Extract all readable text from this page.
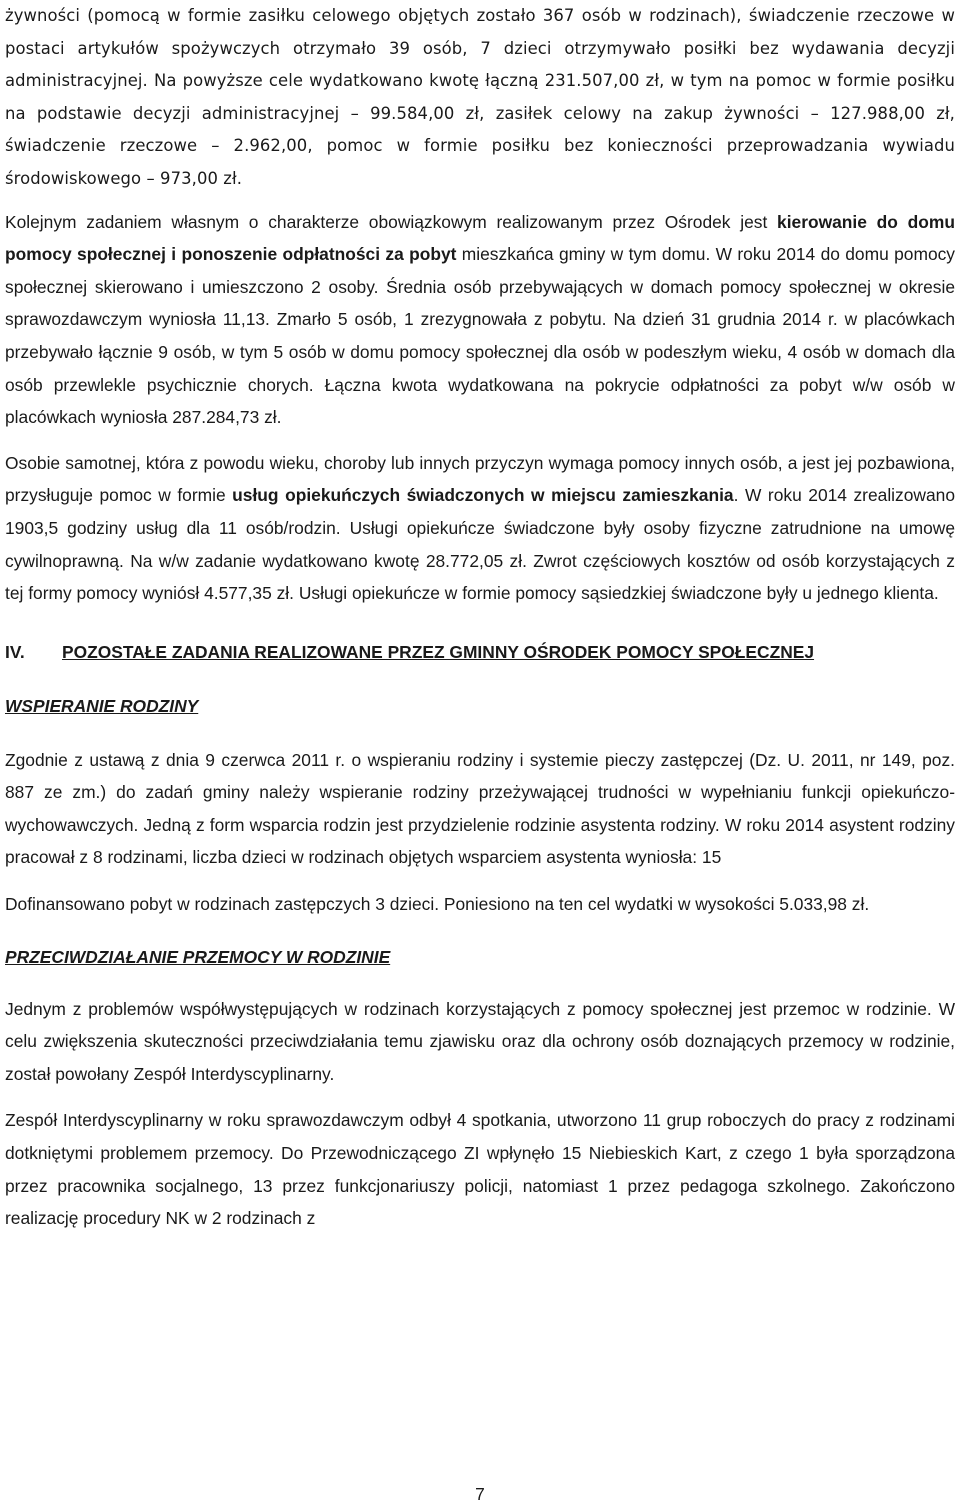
żywności (pomocą w formie zasiłku celowego objętych zostało 367 osób w rodzinach), świadczenie rzeczowe w postaci artykułów spożywczych otrzymało 39 osób, 7 dzieci otrzymywało posiłki bez wydawania decyzji administracyjnej. Na powyższe cele wydatkowano kwotę łączną 231.507,00 zł, w tym na pomoc w formie posiłku na podstawie decyzji administracyjnej – 99.584,00 zł, zasiłek celowy na zakup żywności – 127.988,00 zł, świadczenie rzeczowe – 2.962,00, pomoc w formie posiłku bez konieczności przeprowadzania wywiadu środowiskowego – 973,00 zł.

Kolejnym zadaniem własnym o charakterze obowiązkowym realizowanym przez Ośrodek jest kierowanie do domu pomocy społecznej i ponoszenie odpłatności za pobyt mieszkańca gminy w tym domu. W roku 2014 do domu pomocy społecznej skierowano i umieszczono 2 osoby. Średnia osób przebywających w domach pomocy społecznej w okresie sprawozdawczym wyniosła 11,13. Zmarło 5 osób, 1 zrezygnowała z pobytu. Na dzień 31 grudnia 2014 r. w placówkach przebywało łącznie 9 osób, w tym 5 osób w domu pomocy społecznej dla osób w podeszłym wieku, 4 osób w domach dla osób przewlekle psychicznie chorych. Łączna kwota wydatkowana na pokrycie odpłatności za pobyt w/w osób w placówkach wyniosła 287.284,73 zł.

Osobie samotnej, która z powodu wieku, choroby lub innych przyczyn wymaga pomocy innych osób, a jest jej pozbawiona, przysługuje pomoc w formie usług opiekuńczych świadczonych w miejscu zamieszkania. W roku 2014 zrealizowano 1903,5 godziny usług dla 11 osób/rodzin. Usługi opiekuńcze świadczone były osoby fizyczne zatrudnione na umowę cywilnoprawną. Na w/w zadanie wydatkowano kwotę 28.772,05 zł. Zwrot częściowych kosztów od osób korzystających z tej formy pomocy wyniósł 4.577,35 zł. Usługi opiekuńcze w formie pomocy sąsiedzkiej świadczone były u jednego klienta.

IV. POZOSTAŁE ZADANIA REALIZOWANE PRZEZ GMINNY OŚRODEK POMOCY SPOŁECZNEJ

WSPIERANIE RODZINY

Zgodnie z ustawą z dnia 9 czerwca 2011 r. o wspieraniu rodziny i systemie pieczy zastępczej (Dz. U. 2011, nr 149, poz. 887 ze zm.) do zadań gminy należy wspieranie rodziny przeżywającej trudności w wypełnianiu funkcji opiekuńczo-wychowawczych. Jedną z form wsparcia rodzin jest przydzielenie rodzinie asystenta rodziny. W roku 2014 asystent rodziny pracował z 8 rodzinami, liczba dzieci w rodzinach objętych wsparciem asystenta wyniosła: 15

Dofinansowano pobyt w rodzinach zastępczych 3 dzieci. Poniesiono na ten cel wydatki w wysokości 5.033,98 zł.

PRZECIWDZIAŁANIE PRZEMOCY W RODZINIE

Jednym z problemów współwystępujących w rodzinach korzystających z pomocy społecznej jest przemoc w rodzinie. W celu zwiększenia skuteczności przeciwdziałania temu zjawisku oraz dla ochrony osób doznających przemocy w rodzinie, został powołany Zespół Interdyscyplinarny.

Zespół Interdyscyplinarny w roku sprawozdawczym odbył 4 spotkania, utworzono 11 grup roboczych do pracy z rodzinami dotkniętymi problemem przemocy. Do Przewodniczącego ZI wpłynęło 15 Niebieskich Kart, z czego 1 była sporządzona przez pracownika socjalnego, 13 przez funkcjonariuszy policji, natomiast 1 przez pedagoga szkolnego. Zakończono realizację procedury NK w 2 rodzinach z

7
